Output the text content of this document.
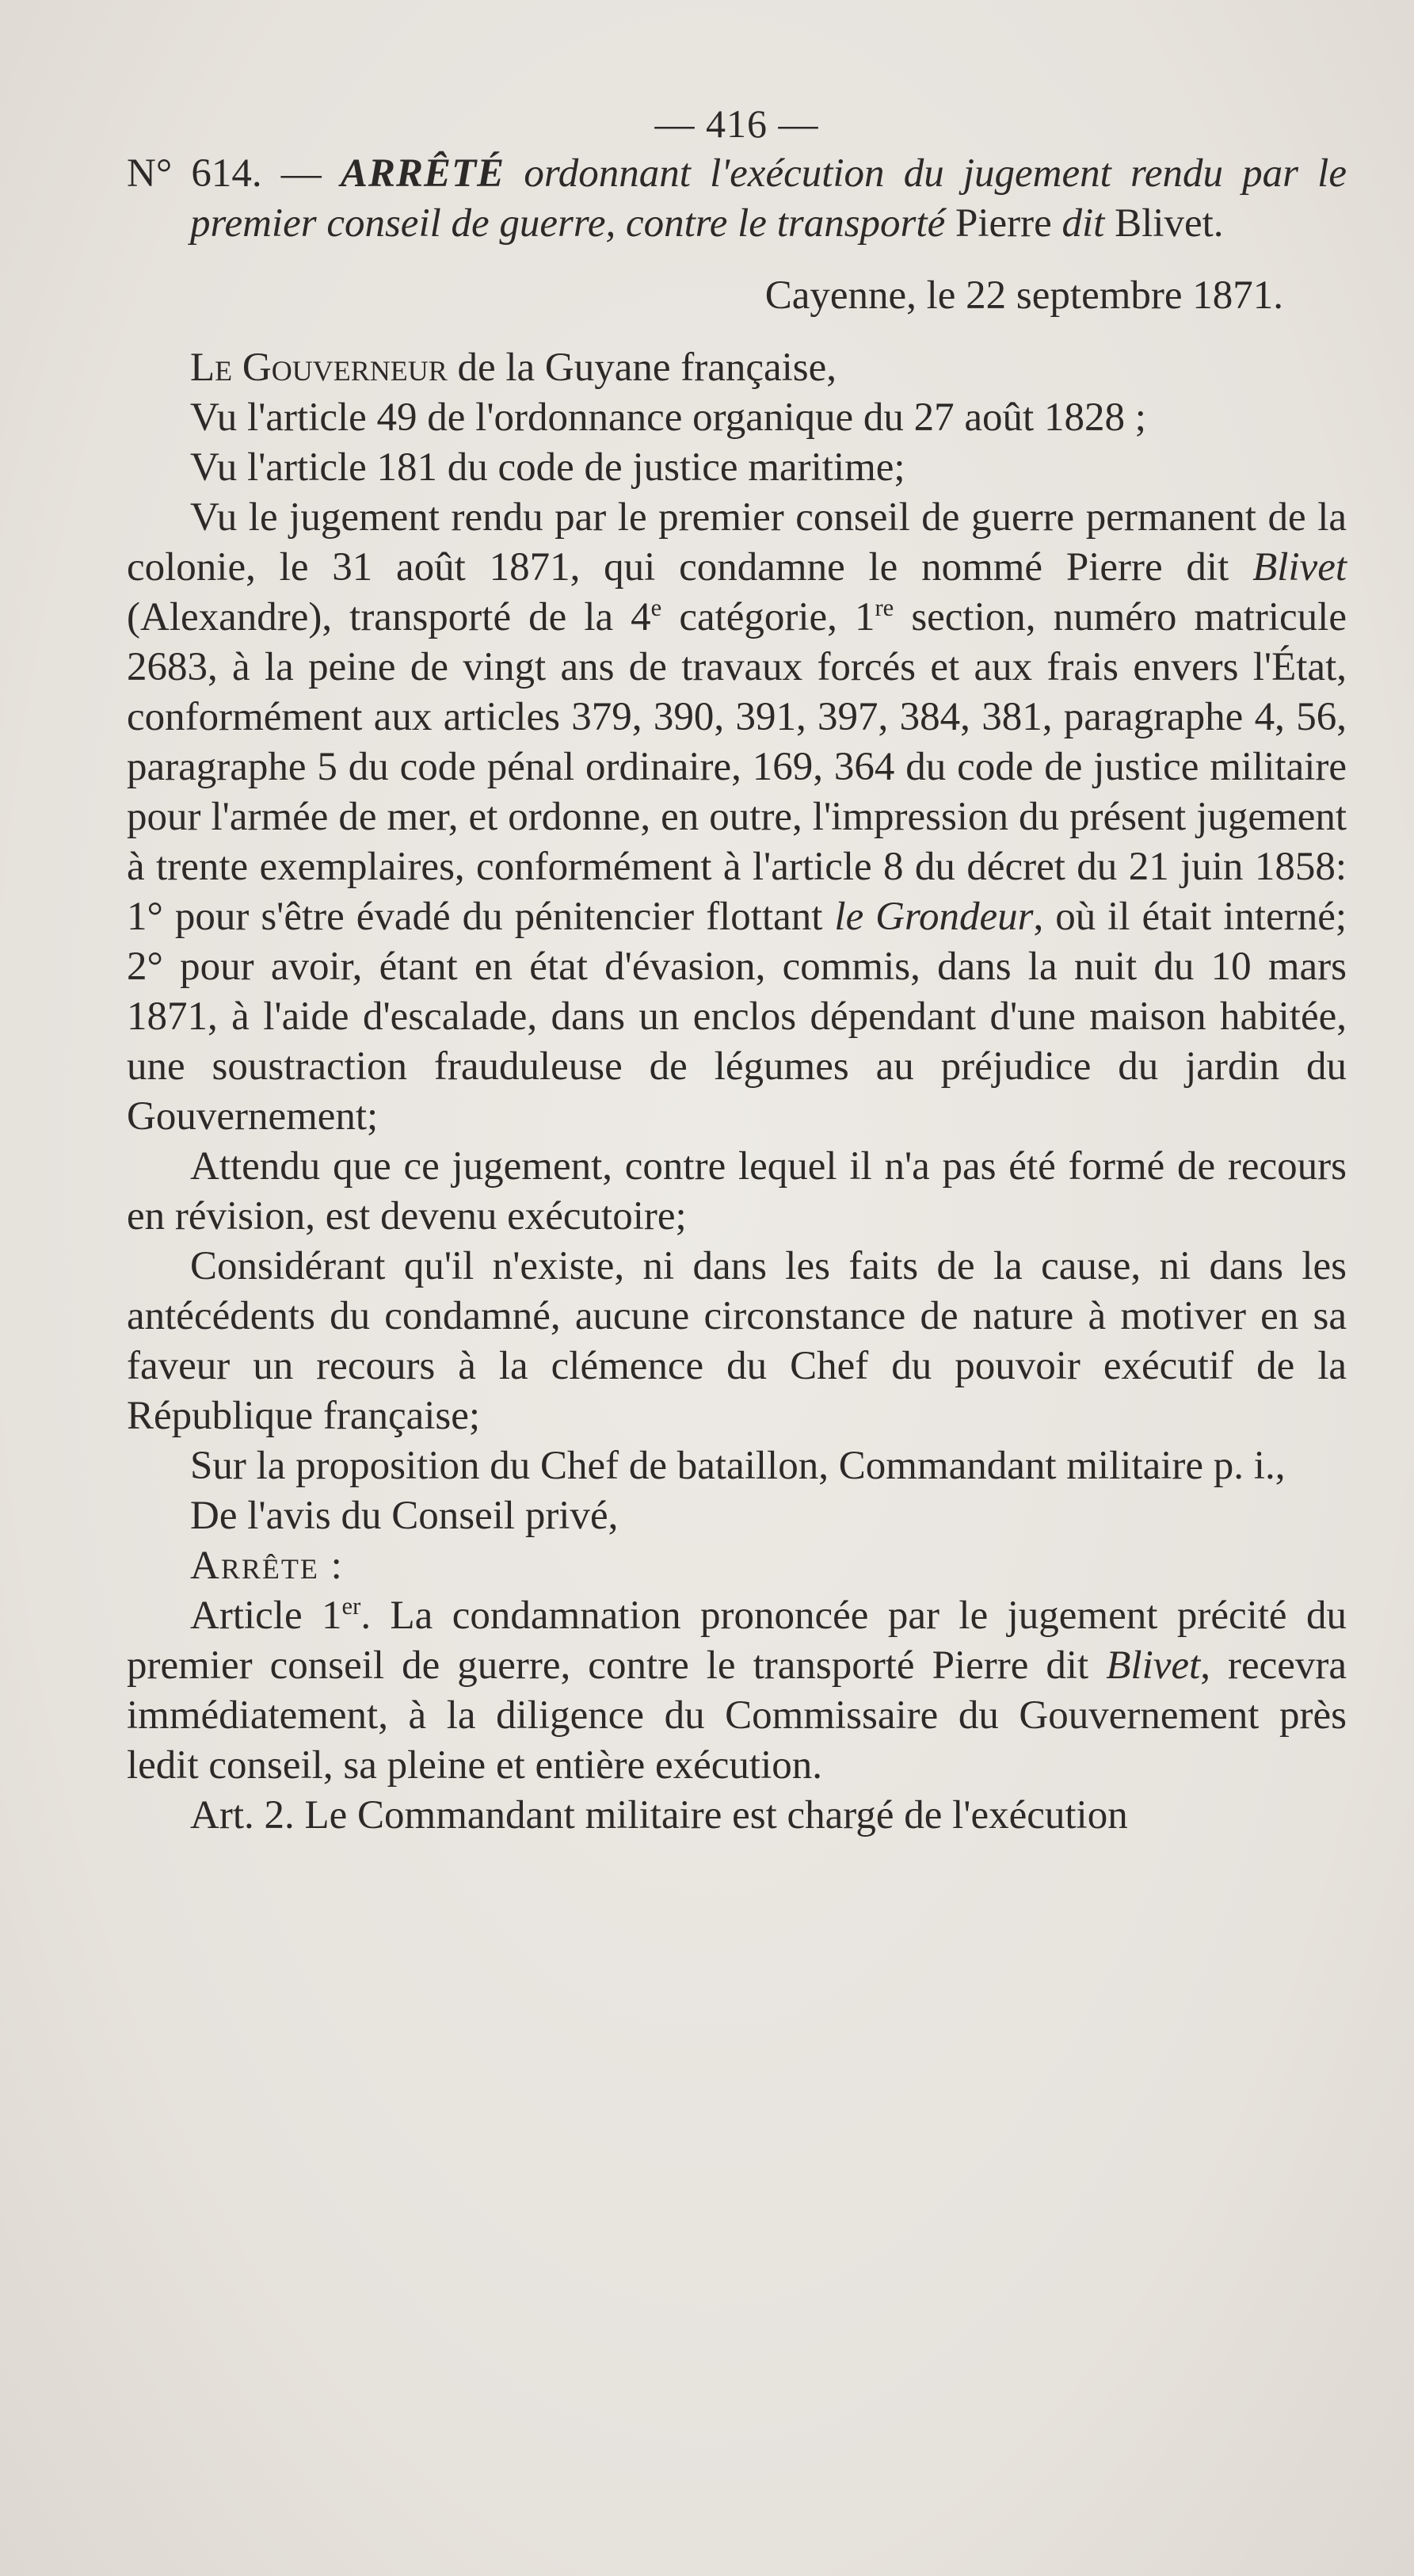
— 416 —

N° 614. — ARRÊTÉ ordonnant l'exécution du jugement rendu par le premier conseil de guerre, contre le transporté Pierre dit Blivet.

Cayenne, le 22 septembre 1871.

Le Gouverneur de la Guyane française,

Vu l'article 49 de l'ordonnance organique du 27 août 1828 ;

Vu l'article 181 du code de justice maritime;

Vu le jugement rendu par le premier conseil de guerre permanent de la colonie, le 31 août 1871, qui condamne le nommé Pierre dit Blivet (Alexandre), transporté de la 4e catégorie, 1re section, numéro matricule 2683, à la peine de vingt ans de travaux forcés et aux frais envers l'État, conformément aux articles 379, 390, 391, 397, 384, 381, paragraphe 4, 56, paragraphe 5 du code pénal ordinaire, 169, 364 du code de justice militaire pour l'armée de mer, et ordonne, en outre, l'impression du présent jugement à trente exemplaires, conformément à l'article 8 du décret du 21 juin 1858: 1° pour s'être évadé du pénitencier flottant le Grondeur, où il était interné; 2° pour avoir, étant en état d'évasion, commis, dans la nuit du 10 mars 1871, à l'aide d'escalade, dans un enclos dépendant d'une maison habitée, une soustraction frauduleuse de légumes au préjudice du jardin du Gouvernement;

Attendu que ce jugement, contre lequel il n'a pas été formé de recours en révision, est devenu exécutoire;

Considérant qu'il n'existe, ni dans les faits de la cause, ni dans les antécédents du condamné, aucune circonstance de nature à motiver en sa faveur un recours à la clémence du Chef du pouvoir exécutif de la République française;

Sur la proposition du Chef de bataillon, Commandant militaire p. i.,

De l'avis du Conseil privé,

Arrête :

Article 1er. La condamnation prononcée par le jugement précité du premier conseil de guerre, contre le transporté Pierre dit Blivet, recevra immédiatement, à la diligence du Commissaire du Gouvernement près ledit conseil, sa pleine et entière exécution.

Art. 2. Le Commandant militaire est chargé de l'exécution
